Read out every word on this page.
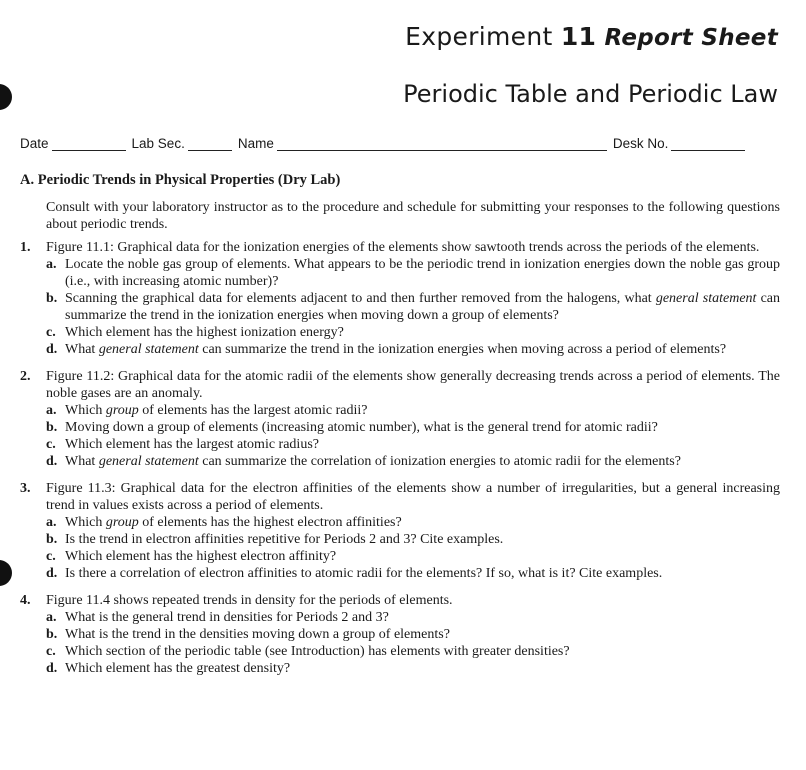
Experiment 11 Report Sheet
Periodic Table and Periodic Law
Date	Lab Sec.	Name	Desk No.
A. Periodic Trends in Physical Properties (Dry Lab)
Consult with your laboratory instructor as to the procedure and schedule for submitting your responses to the following questions about periodic trends.
1.	Figure 11.1: Graphical data for the ionization energies of the elements show sawtooth trends across the periods of the elements.
a. Locate the noble gas group of elements. What appears to be the periodic trend in ionization energies down the noble gas group (i.e., with increasing atomic number)?
b. Scanning the graphical data for elements adjacent to and then further removed from the halogens, what general statement can summarize the trend in the ionization energies when moving down a group of elements?
c. Which element has the highest ionization energy?
d. What general statement can summarize the trend in the ionization energies when moving across a period of elements?
2.	Figure 11.2: Graphical data for the atomic radii of the elements show generally decreasing trends across a period of elements. The noble gases are an anomaly.
a. Which group of elements has the largest atomic radii?
b. Moving down a group of elements (increasing atomic number), what is the general trend for atomic radii?
c. Which element has the largest atomic radius?
d. What general statement can summarize the correlation of ionization energies to atomic radii for the elements?
3.	Figure 11.3: Graphical data for the electron affinities of the elements show a number of irregularities, but a general increasing trend in values exists across a period of elements.
a. Which group of elements has the highest electron affinities?
b. Is the trend in electron affinities repetitive for Periods 2 and 3? Cite examples.
c. Which element has the highest electron affinity?
d. Is there a correlation of electron affinities to atomic radii for the elements? If so, what is it? Cite examples.
4.	Figure 11.4 shows repeated trends in density for the periods of elements.
a. What is the general trend in densities for Periods 2 and 3?
b. What is the trend in the densities moving down a group of elements?
c. Which section of the periodic table (see Introduction) has elements with greater densities?
d. Which element has the greatest density?
